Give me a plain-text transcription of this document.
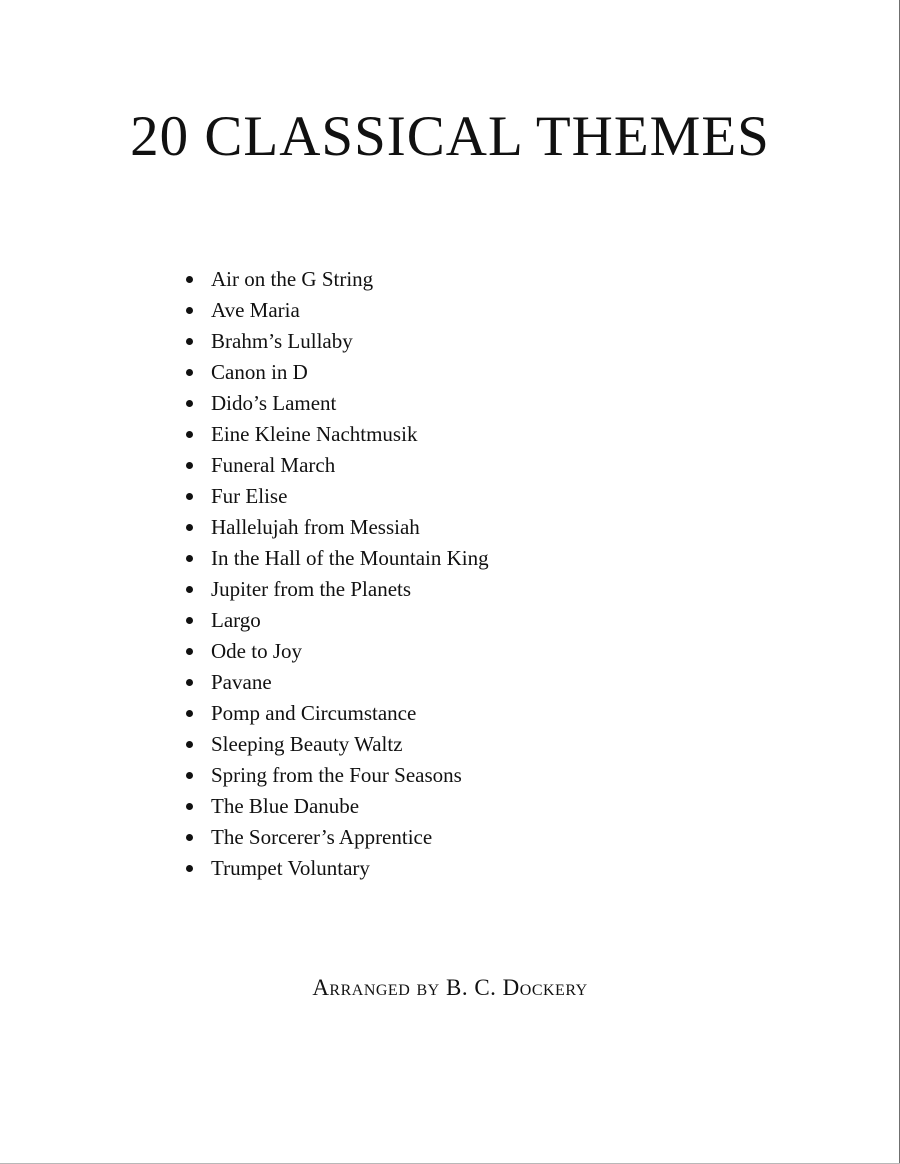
20 CLASSICAL THEMES
Air on the G String
Ave Maria
Brahm’s Lullaby
Canon in D
Dido’s Lament
Eine Kleine Nachtmusik
Funeral March
Fur Elise
Hallelujah from Messiah
In the Hall of the Mountain King
Jupiter from the Planets
Largo
Ode to Joy
Pavane
Pomp and Circumstance
Sleeping Beauty Waltz
Spring from the Four Seasons
The Blue Danube
The Sorcerer’s Apprentice
Trumpet Voluntary

Arranged by B. C. Dockery
